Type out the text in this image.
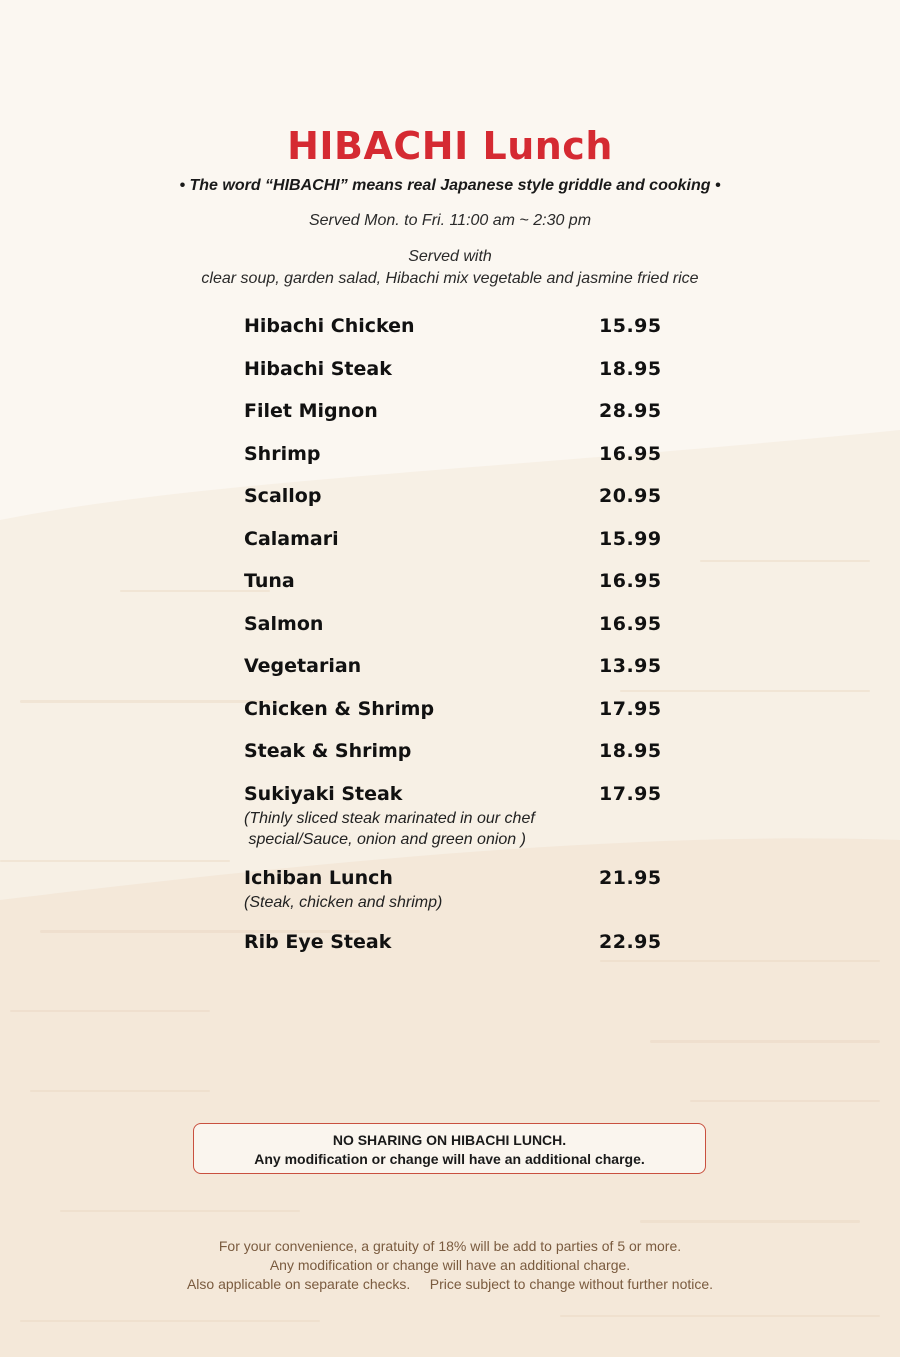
HIBACHI Lunch
• The word “HIBACHI” means real Japanese style griddle and cooking •
Served Mon. to Fri. 11:00 am ~ 2:30 pm
Served with
clear soup, garden salad, Hibachi mix vegetable and jasmine fried rice
Hibachi Chicken	15.95
Hibachi Steak	18.95
Filet Mignon	28.95
Shrimp	16.95
Scallop	20.95
Calamari	15.99
Tuna	16.95
Salmon	16.95
Vegetarian	13.95
Chicken & Shrimp	17.95
Steak & Shrimp	18.95
Sukiyaki Steak	17.95
(Thinly sliced steak marinated in our chef
special/Sauce, onion and green onion )
Ichiban Lunch	21.95
(Steak, chicken and shrimp)
Rib Eye Steak	22.95
NO SHARING ON HIBACHI LUNCH.
Any modification or change will have an additional charge.
For your convenience, a gratuity of 18% will be add to parties of 5 or more.
Any modification or change will have an additional charge.
Also applicable on separate checks.     Price subject to change without further notice.
